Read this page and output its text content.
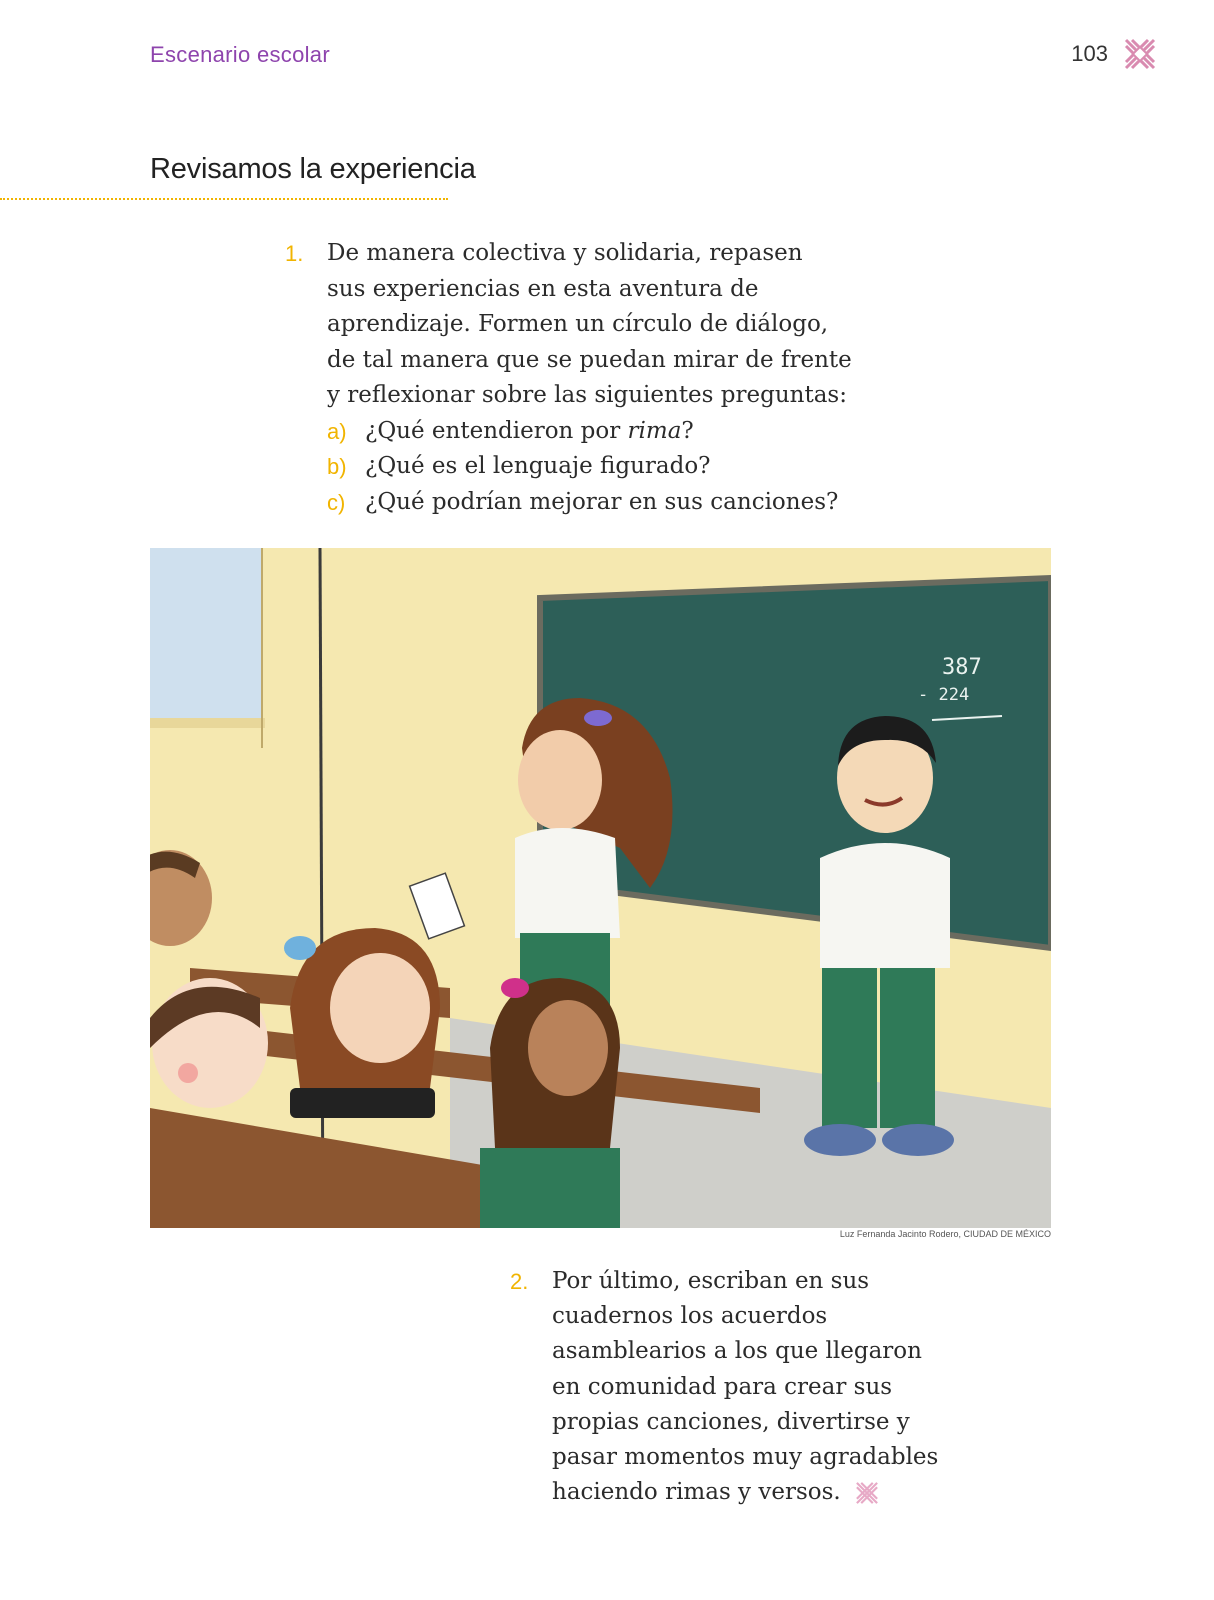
Escenario escolar	103
Revisamos la experiencia
1.	De manera colectiva y solidaria, repasen
sus experiencias en esta aventura de
aprendizaje. Formen un círculo de diálogo,
de tal manera que se puedan mirar de frente
y reflexionar sobre las siguientes preguntas:
a) ¿Qué entendieron por rima?
b) ¿Qué es el lenguaje figurado?
c) ¿Qué podrían mejorar en sus canciones?
387
- 224
Luz Fernanda Jacinto Rodero, CIUDAD DE MÉXICO
2.	Por último, escriban en sus
cuadernos los acuerdos
asamblearios a los que llegaron
en comunidad para crear sus
propias canciones, divertirse y
pasar momentos muy agradables
haciendo rimas y versos.
